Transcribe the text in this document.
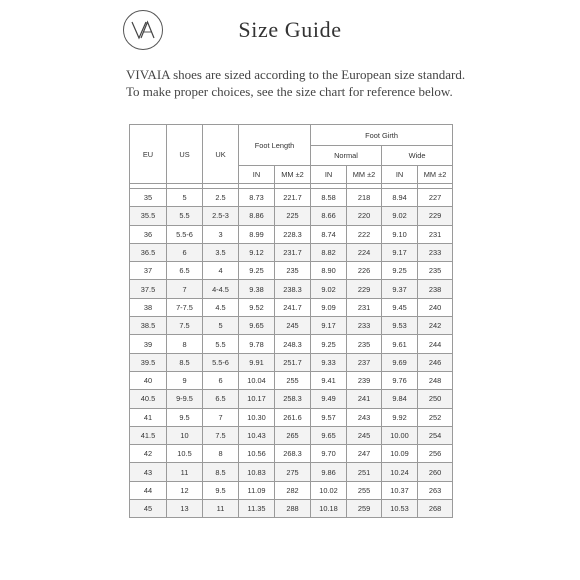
Size Guide
VIVAIA shoes are sized according to the European size standard.
To make proper choices, see the size chart for reference below.
EU	US	UK	Foot Length		Foot Girth			
					Normal		Wide	
			IN	MM ±2	IN	MM ±2	IN	MM ±2

35	5	2.5	8.73	221.7	8.58	218	8.94	227
35.5	5.5	2.5-3	8.86	225	8.66	220	9.02	229
36	5.5-6	3	8.99	228.3	8.74	222	9.10	231
36.5	6	3.5	9.12	231.7	8.82	224	9.17	233
37	6.5	4	9.25	235	8.90	226	9.25	235
37.5	7	4-4.5	9.38	238.3	9.02	229	9.37	238
38	7-7.5	4.5	9.52	241.7	9.09	231	9.45	240
38.5	7.5	5	9.65	245	9.17	233	9.53	242
39	8	5.5	9.78	248.3	9.25	235	9.61	244
39.5	8.5	5.5-6	9.91	251.7	9.33	237	9.69	246
40	9	6	10.04	255	9.41	239	9.76	248
40.5	9-9.5	6.5	10.17	258.3	9.49	241	9.84	250
41	9.5	7	10.30	261.6	9.57	243	9.92	252
41.5	10	7.5	10.43	265	9.65	245	10.00	254
42	10.5	8	10.56	268.3	9.70	247	10.09	256
43	11	8.5	10.83	275	9.86	251	10.24	260
44	12	9.5	11.09	282	10.02	255	10.37	263
45	13	11	11.35	288	10.18	259	10.53	268
